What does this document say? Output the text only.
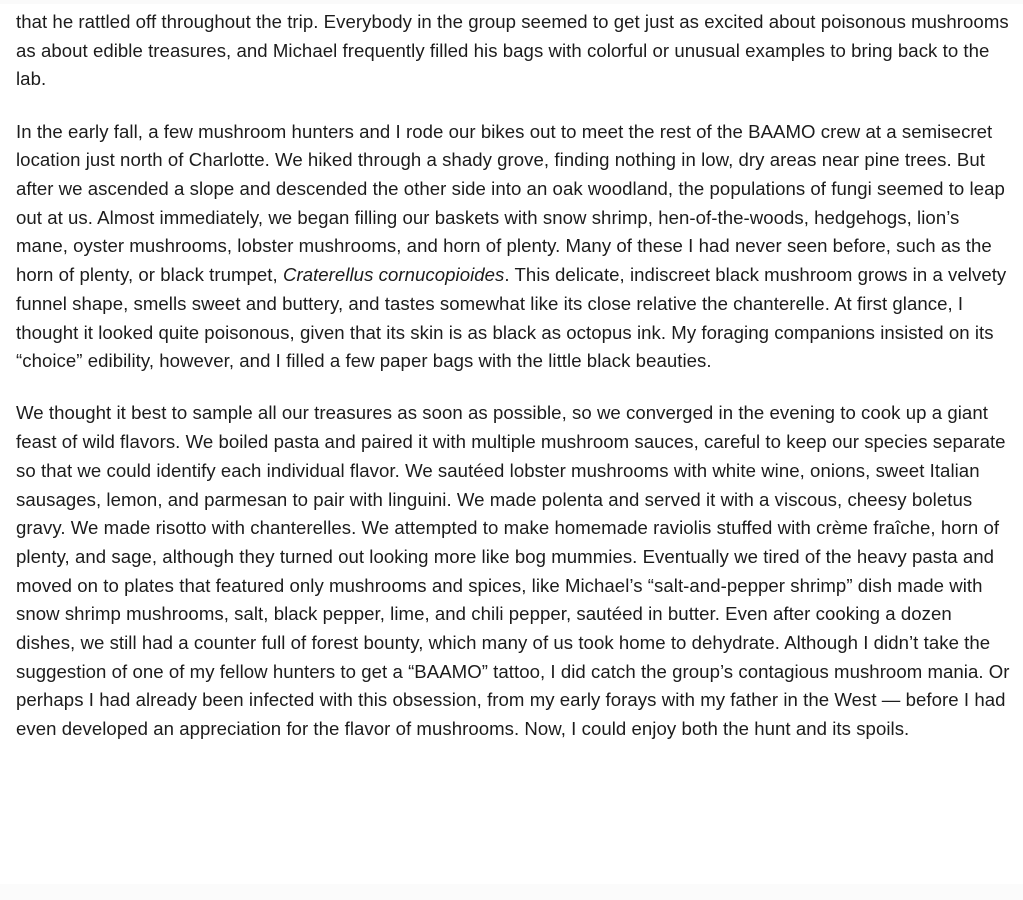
that he rattled off throughout the trip. Everybody in the group seemed to get just as excited about poisonous mushrooms as about edible treasures, and Michael frequently filled his bags with colorful or unusual examples to bring back to the lab.

In the early fall, a few mushroom hunters and I rode our bikes out to meet the rest of the BAAMO crew at a semisecret location just north of Charlotte. We hiked through a shady grove, finding nothing in low, dry areas near pine trees. But after we ascended a slope and descended the other side into an oak woodland, the populations of fungi seemed to leap out at us. Almost immediately, we began filling our baskets with snow shrimp, hen-of-the-woods, hedgehogs, lion’s mane, oyster mushrooms, lobster mushrooms, and horn of plenty. Many of these I had never seen before, such as the horn of plenty, or black trumpet, Craterellus cornucopioides. This delicate, indiscreet black mushroom grows in a velvety funnel shape, smells sweet and buttery, and tastes somewhat like its close relative the chanterelle. At first glance, I thought it looked quite poisonous, given that its skin is as black as octopus ink. My foraging companions insisted on its “choice” edibility, however, and I filled a few paper bags with the little black beauties.

We thought it best to sample all our treasures as soon as possible, so we converged in the evening to cook up a giant feast of wild flavors. We boiled pasta and paired it with multiple mushroom sauces, careful to keep our species separate so that we could identify each individual flavor. We sautéed lobster mushrooms with white wine, onions, sweet Italian sausages, lemon, and parmesan to pair with linguini. We made polenta and served it with a viscous, cheesy boletus gravy. We made risotto with chanterelles. We attempted to make homemade raviolis stuffed with crème fraîche, horn of plenty, and sage, although they turned out looking more like bog mummies. Eventually we tired of the heavy pasta and moved on to plates that featured only mushrooms and spices, like Michael’s “salt-and-pepper shrimp” dish made with snow shrimp mushrooms, salt, black pepper, lime, and chili pepper, sautéed in butter. Even after cooking a dozen dishes, we still had a counter full of forest bounty, which many of us took home to dehydrate. Although I didn’t take the suggestion of one of my fellow hunters to get a “BAAMO” tattoo, I did catch the group’s contagious mushroom mania. Or perhaps I had already been infected with this obsession, from my early forays with my father in the West — before I had even developed an appreciation for the flavor of mushrooms. Now, I could enjoy both the hunt and its spoils.
